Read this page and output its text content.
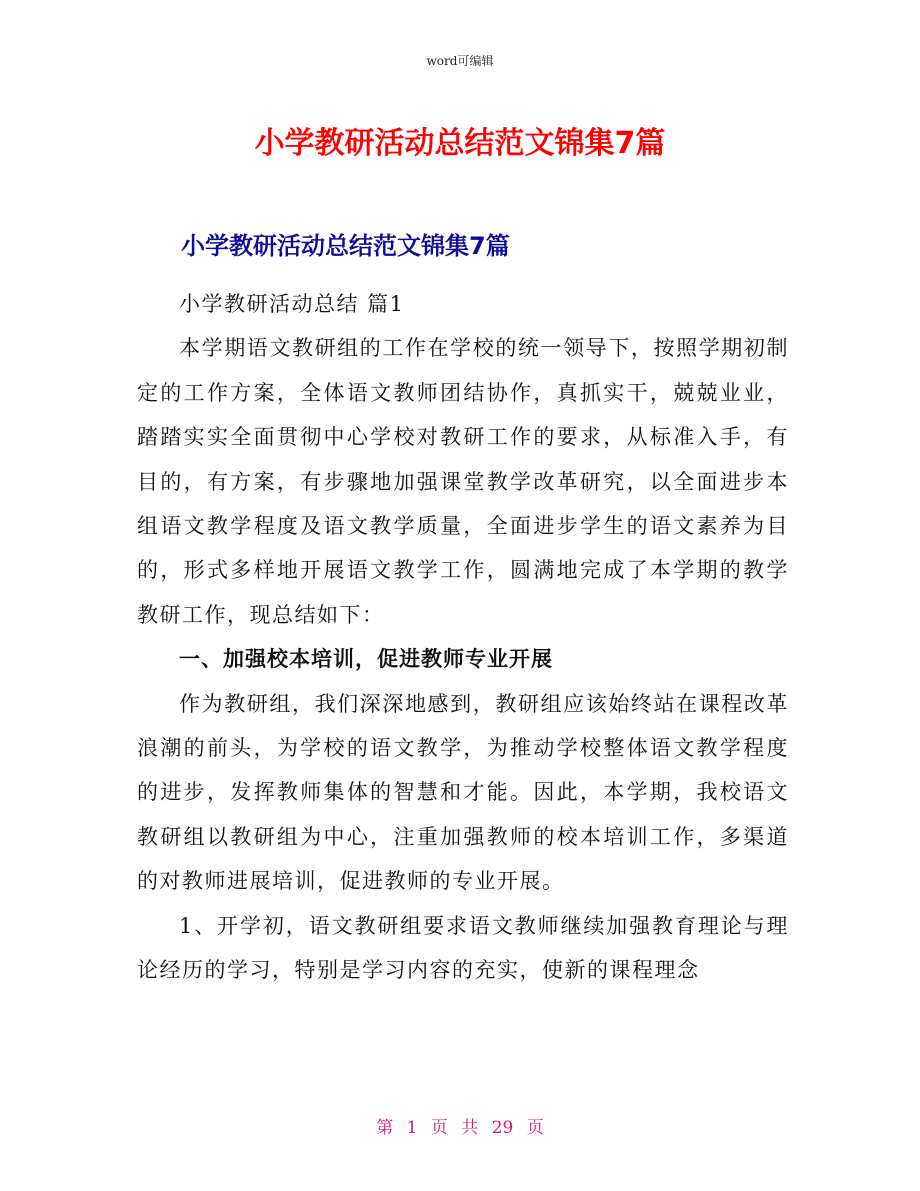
word可编辑
小学教研活动总结范文锦集7篇
小学教研活动总结范文锦集7篇

小学教研活动总结 篇1

本学期语文教研组的工作在学校的统一领导下，按照学期初制定的工作方案，全体语文教师团结协作，真抓实干，兢兢业业，踏踏实实全面贯彻中心学校对教研工作的要求，从标准入手，有目的，有方案，有步骤地加强课堂教学改革研究，以全面进步本组语文教学程度及语文教学质量，全面进步学生的语文素养为目的，形式多样地开展语文教学工作，圆满地完成了本学期的教学教研工作，现总结如下：

一、加强校本培训，促进教师专业开展

作为教研组，我们深深地感到，教研组应该始终站在课程改革浪潮的前头，为学校的语文教学，为推动学校整体语文教学程度的进步，发挥教师集体的智慧和才能。因此，本学期，我校语文教研组以教研组为中心，注重加强教师的校本培训工作，多渠道的对教师进展培训，促进教师的专业开展。

1、开学初，语文教研组要求语文教师继续加强教育理论与理论经历的学习，特别是学习内容的充实，使新的课程理念

第 1 页 共 29 页
